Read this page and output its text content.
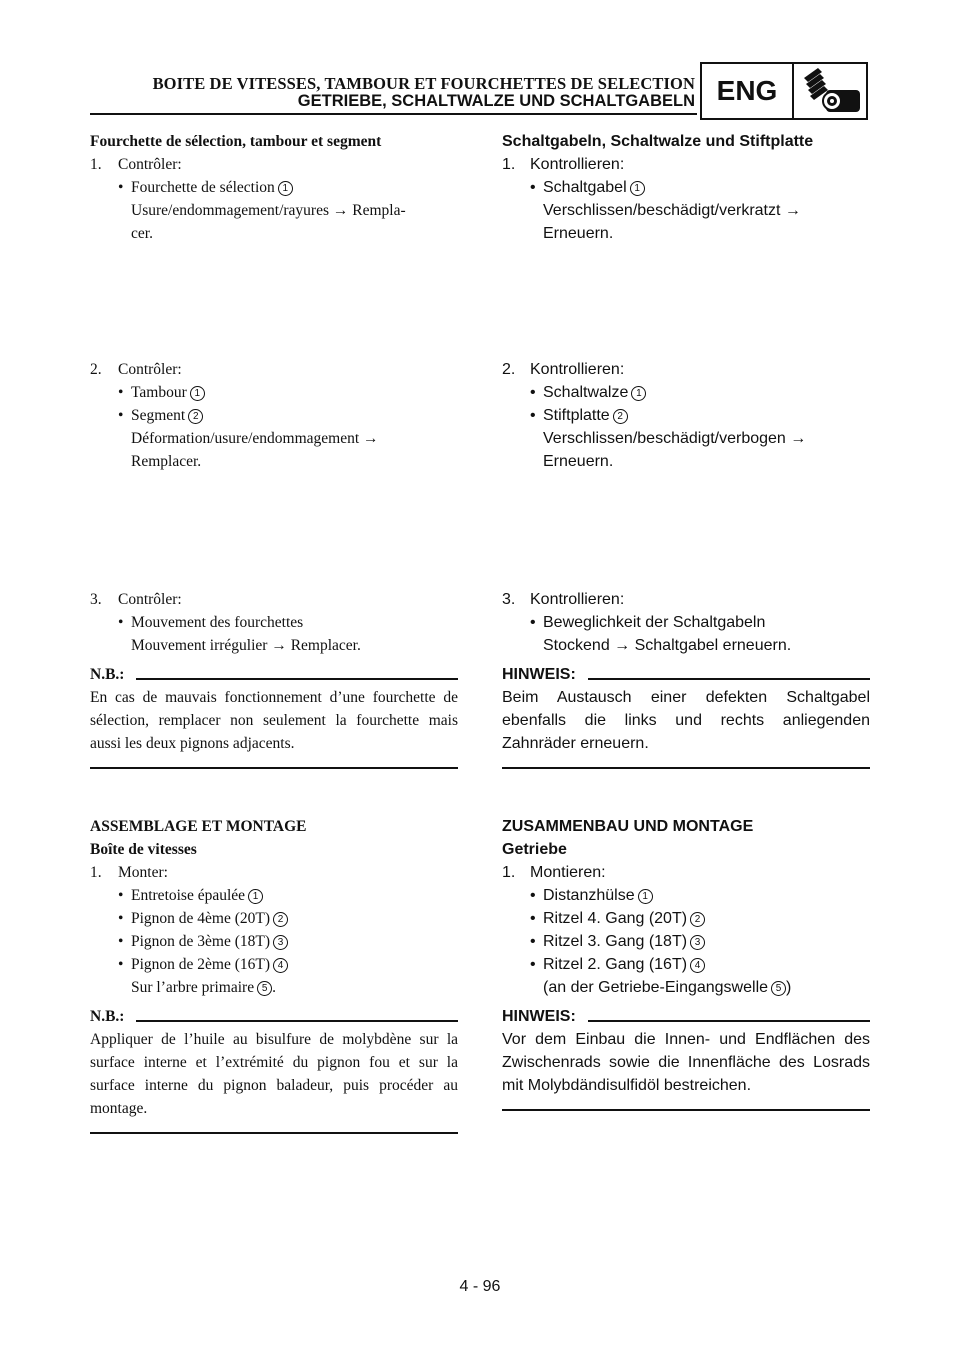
BOITE DE VITESSES, TAMBOUR ET FOURCHETTES DE SELECTION
GETRIEBE, SCHALTWALZE UND SCHALTGABELN ENG
Fourchette de sélection, tambour et segment
1. Contrôler:
• Fourchette de sélection 1
Usure/endommagement/rayures → Rempla-
cer.
Schaltgabeln, Schaltwalze und Stiftplatte
1. Kontrollieren:
• Schaltgabel 1
Verschlissen/beschädigt/verkratzt →
Erneuern.
2. Contrôler:
• Tambour 1
• Segment 2
Déformation/usure/endommagement →
Remplacer.
2. Kontrollieren:
• Schaltwalze 1
• Stiftplatte 2
Verschlissen/beschädigt/verbogen →
Erneuern.
3. Contrôler:
• Mouvement des fourchettes
Mouvement irrégulier → Remplacer.
N.B.:
En cas de mauvais fonctionnement d’une fourchette de sélection, remplacer non seulement la fourchette mais aussi les deux pignons adjacents.
3. Kontrollieren:
• Beweglichkeit der Schaltgabeln
Stockend → Schaltgabel erneuern.
HINWEIS:
Beim Austausch einer defekten Schaltgabel ebenfalls die links und rechts anliegenden Zahnräder erneuern.
ASSEMBLAGE ET MONTAGE
Boîte de vitesses
1. Monter:
• Entretoise épaulée 1
• Pignon de 4ème (20T) 2
• Pignon de 3ème (18T) 3
• Pignon de 2ème (16T) 4
Sur l’arbre primaire 5 .
N.B.:
Appliquer de l’huile au bisulfure de molybdène sur la surface interne et l’extrémité du pignon fou et sur la surface interne du pignon baladeur, puis procéder au montage.
ZUSAMMENBAU UND MONTAGE
Getriebe
1. Montieren:
• Distanzhülse 1
• Ritzel 4. Gang (20T) 2
• Ritzel 3. Gang (18T) 3
• Ritzel 2. Gang (16T) 4
(an der Getriebe-Eingangswelle 5 )
HINWEIS:
Vor dem Einbau die Innen- und Endflächen des Zwischenrads sowie die Innenfläche des Losrads mit Molybdändisulfidöl bestreichen.
4 - 96
